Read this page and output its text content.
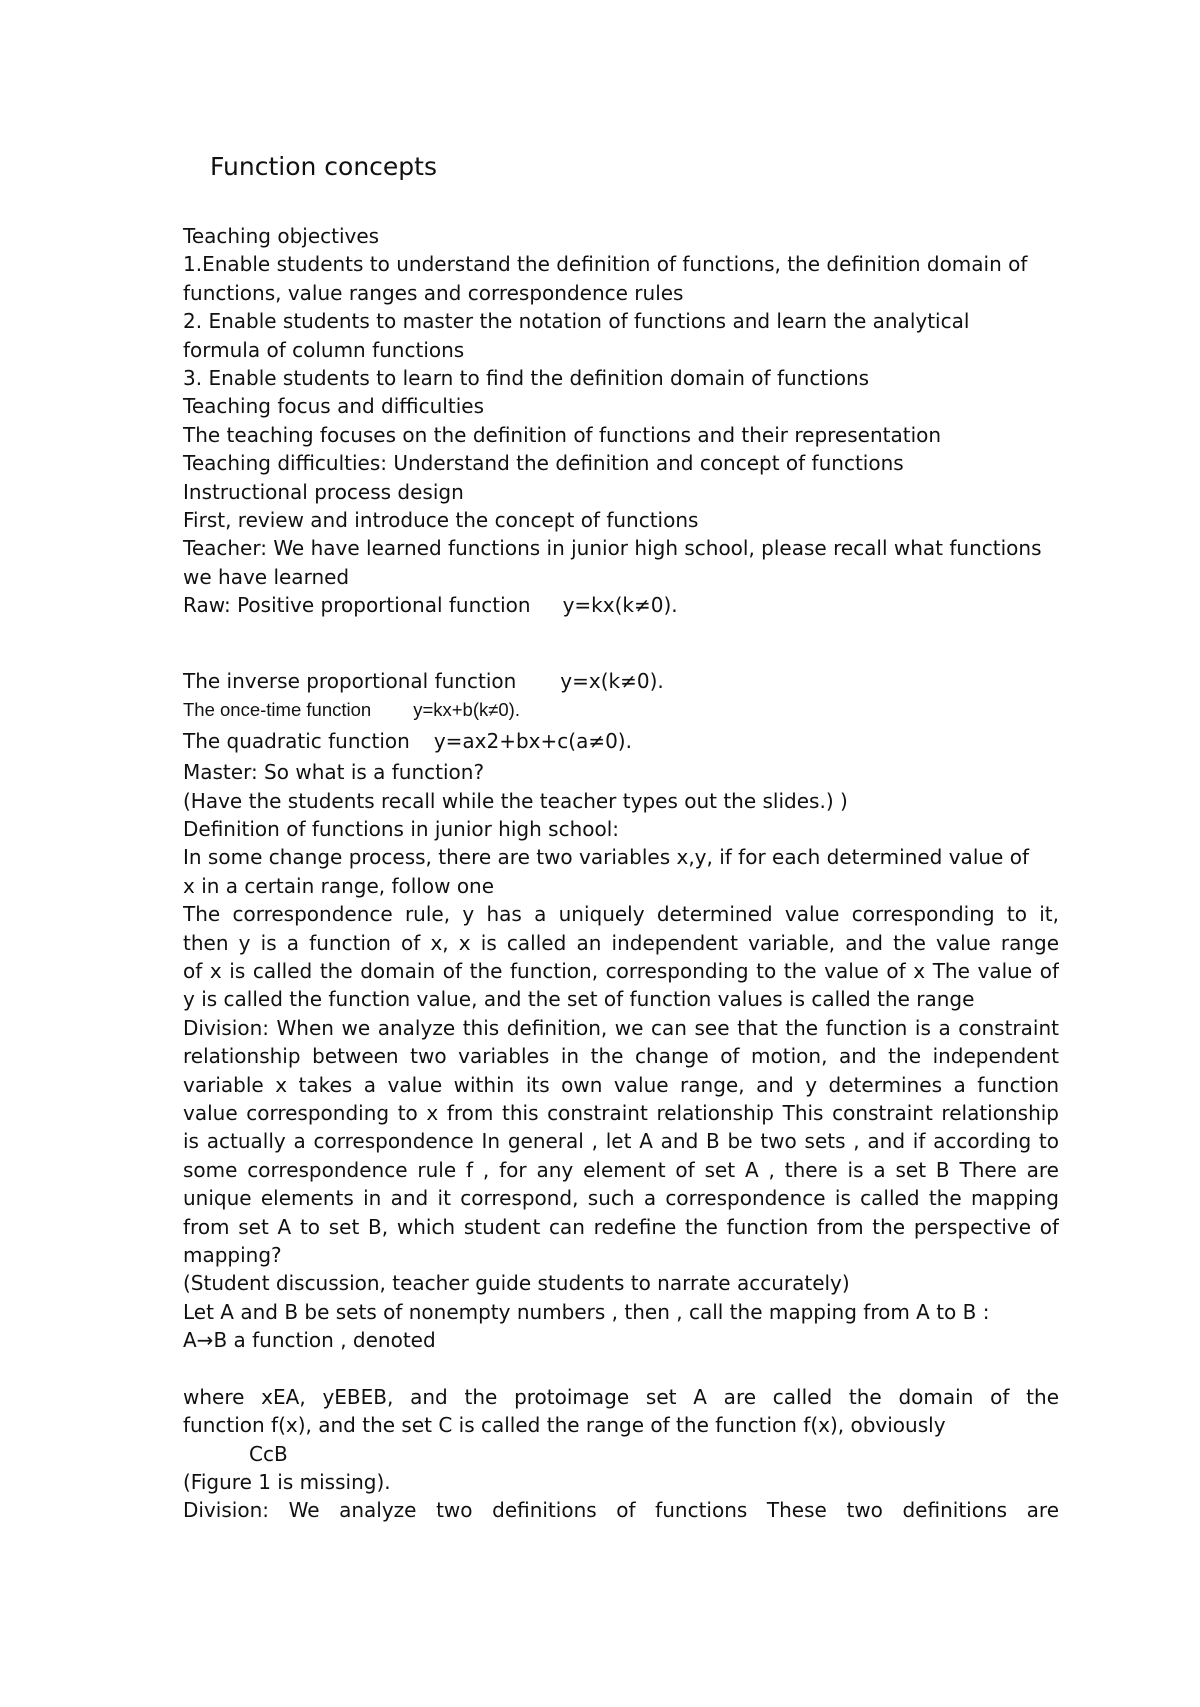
Function concepts
Teaching objectives
1.Enable students to understand the definition of functions, the definition domain of
functions, value ranges and correspondence rules
2. Enable students to master the notation of functions and learn the analytical
formula of column functions
3. Enable students to learn to find the definition domain of functions
Teaching focus and difficulties
The teaching focuses on the definition of functions and their representation
Teaching difficulties: Understand the definition and concept of functions
Instructional process design
First, review and introduce the concept of functions
Teacher: We have learned functions in junior high school, please recall what functions
we have learned
Raw: Positive proportional function y=kx(k≠0).
The inverse proportional function y=x(k≠0).
The once-time function y=kx+b(k≠0).
The quadratic function y=ax2+bx+c(a≠0).
Master: So what is a function?
(Have the students recall while the teacher types out the slides.) )
Definition of functions in junior high school:
In some change process, there are two variables x,y, if for each determined value of
x in a certain range, follow one
The correspondence rule, y has a uniquely determined value corresponding to it,
then y is a function of x, x is called an independent variable, and the value range
of x is called the domain of the function, corresponding to the value of x The value of
y is called the function value, and the set of function values is called the range
Division: When we analyze this definition, we can see that the function is a constraint
relationship between two variables in the change of motion, and the independent
variable x takes a value within its own value range, and y determines a function
value corresponding to x from this constraint relationship This constraint relationship
is actually a correspondence In general , let A and B be two sets , and if according to
some correspondence rule f , for any element of set A , there is a set B There are
unique elements in and it correspond, such a correspondence is called the mapping
from set A to set B, which student can redefine the function from the perspective of
mapping?
(Student discussion, teacher guide students to narrate accurately)
Let A and B be sets of nonempty numbers , then , call the mapping from A to B :
A→B a function , denoted
where xEA, yEBEB, and the protoimage set A are called the domain of the
function f(x), and the set C is called the range of the function f(x), obviously
CcB
(Figure 1 is missing).
Division: We analyze two definitions of functions These two definitions are
